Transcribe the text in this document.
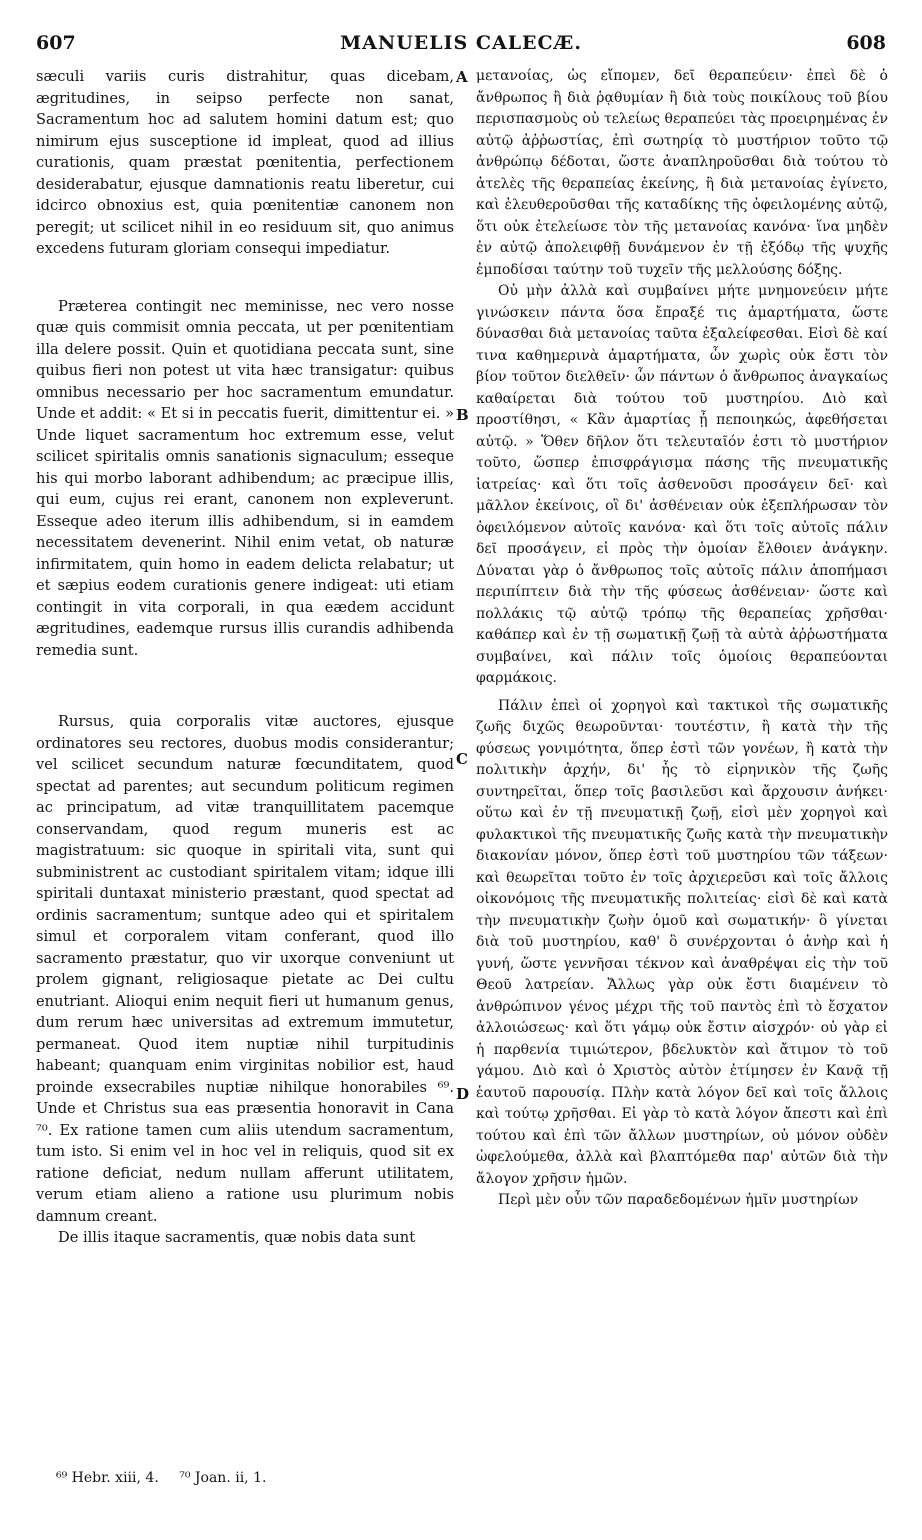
607	MANUELIS CALECÆ.	608

sæculi variis curis distrahitur, quas dicebam, ægritudines, in seipso perfecte non sanat, Sacramentum hoc ad salutem homini datum est; quo nimirum ejus susceptione id impleat, quod ad illius curationis, quam præstat pœnitentia, perfectionem desiderabatur, ejusque damnationis reatu liberetur, cui idcirco obnoxius est, quia pœnitentiæ canonem non peregit; ut scilicet nihil in eo residuum sit, quo animus excedens futuram gloriam consequi impediatur.

Præterea contingit nec meminisse, nec vero nosse quæ quis commisit omnia peccata, ut per pœnitentiam illa delere possit. Quin et quotidiana peccata sunt, sine quibus fieri non potest ut vita hæc transigatur: quibus omnibus necessario per hoc sacramentum emundatur. Unde et addit: « Et si in peccatis fuerit, dimittentur ei. » Unde liquet sacramentum hoc extremum esse, velut scilicet spiritalis omnis sanationis signaculum; esseque his qui morbo laborant adhibendum; ac præcipue illis, qui eum, cujus rei erant, canonem non expleverunt. Esseque adeo iterum illis adhibendum, si in eamdem necessitatem devenerint. Nihil enim vetat, ob naturæ infirmitatem, quin homo in eadem delicta relabatur; ut et sæpius eodem curationis genere indigeat: uti etiam contingit in vita corporali, in qua eædem accidunt ægritudines, eademque rursus illis curandis adhibenda remedia sunt.

Rursus, quia corporalis vitæ auctores, ejusque ordinatores seu rectores, duobus modis considerantur; vel scilicet secundum naturæ fœcunditatem, quod spectat ad parentes; aut secundum politicum regimen ac principatum, ad vitæ tranquillitatem pacemque conservandam, quod regum muneris est ac magistratuum: sic quoque in spiritali vita, sunt qui subministrent ac custodiant spiritalem vitam; idque illi spiritali duntaxat ministerio præstant, quod spectat ad ordinis sacramentum; suntque adeo qui et spiritalem simul et corporalem vitam conferant, quod illo sacramento præstatur, quo vir uxorque conveniunt ut prolem gignant, religiosaque pietate ac Dei cultu enutriant. Alioqui enim nequit fieri ut humanum genus, dum rerum hæc universitas ad extremum immutetur, permaneat. Quod item nuptiæ nihil turpitudinis habeant; quanquam enim virginitas nobilior est, haud proinde exsecrabiles nuptiæ nihilque honorabiles ⁶⁹. Unde et Christus sua eas præsentia honoravit in Cana ⁷⁰. Ex ratione tamen cum aliis utendum sacramentum, tum isto. Si enim vel in hoc vel in reliquis, quod sit ex ratione deficiat, nedum nullam afferunt utilitatem, verum etiam alieno a ratione usu plurimum nobis damnum creant.

De illis itaque sacramentis, quæ nobis data sunt

μετανοίας, ὡς εἴπομεν, δεῖ θεραπεύειν· ἐπεὶ δὲ ὁ ἄνθρωπος ἢ διὰ ῥᾳθυμίαν ἢ διὰ τοὺς ποικίλους τοῦ βίου περισπασμοὺς οὐ τελείως θεραπεύει τὰς προειρημένας ἐν αὐτῷ ἀῤῥωστίας, ἐπὶ σωτηρίᾳ τὸ μυστήριον τοῦτο τῷ ἀνθρώπῳ δέδοται, ὥστε ἀναπληροῦσθαι διὰ τούτου τὸ ἀτελὲς τῆς θεραπείας ἐκείνης, ἣ διὰ μετανοίας ἐγίνετο, καὶ ἐλευθεροῦσθαι τῆς καταδίκης τῆς ὀφειλομένης αὐτῷ, ὅτι οὐκ ἐτελείωσε τὸν τῆς μετανοίας κανόνα· ἵνα μηδὲν ἐν αὐτῷ ἀπολειφθῇ δυνάμενον ἐν τῇ ἐξόδῳ τῆς ψυχῆς ἐμποδίσαι ταύτην τοῦ τυχεῖν τῆς μελλούσης δόξης.

Οὐ μὴν ἀλλὰ καὶ συμβαίνει μήτε μνημονεύειν μήτε γινώσκειν πάντα ὅσα ἔπραξέ τις ἁμαρτήματα, ὥστε δύνασθαι διὰ μετανοίας ταῦτα ἐξαλείφεσθαι. Εἰσὶ δὲ καί τινα καθημερινὰ ἁμαρτήματα, ὧν χωρὶς οὐκ ἔστι τὸν βίον τοῦτον διελθεῖν· ὧν πάντων ὁ ἄνθρωπος ἀναγκαίως καθαίρεται διὰ τούτου τοῦ μυστηρίου. Διὸ καὶ προστίθησι, « Κἂν ἁμαρτίας ᾖ πεποιηκώς, ἀφεθήσεται αὐτῷ. » Ὅθεν δῆλον ὅτι τελευταῖόν ἐστι τὸ μυστήριον τοῦτο, ὥσπερ ἐπισφράγισμα πάσης τῆς πνευματικῆς ἰατρείας· καὶ ὅτι τοῖς ἀσθενοῦσι προσάγειν δεῖ· καὶ μᾶλλον ἐκείνοις, οἳ δι' ἀσθένειαν οὐκ ἐξεπλήρωσαν τὸν ὀφειλόμενον αὐτοῖς κανόνα· καὶ ὅτι τοῖς αὐτοῖς πάλιν δεῖ προσάγειν, εἰ πρὸς τὴν ὁμοίαν ἔλθοιεν ἀνάγκην. Δύναται γὰρ ὁ ἄνθρωπος τοῖς αὐτοῖς πάλιν ἀποπήμασι περιπίπτειν διὰ τὴν τῆς φύσεως ἀσθένειαν· ὥστε καὶ πολλάκις τῷ αὐτῷ τρόπῳ τῆς θεραπείας χρῆσθαι· καθάπερ καὶ ἐν τῇ σωματικῇ ζωῇ τὰ αὐτὰ ἀῤῥωστήματα συμβαίνει, καὶ πάλιν τοῖς ὁμοίοις θεραπεύονται φαρμάκοις.

Πάλιν ἐπεὶ οἱ χορηγοὶ καὶ τακτικοὶ τῆς σωματικῆς ζωῆς διχῶς θεωροῦνται· τουτέστιν, ἢ κατὰ τὴν τῆς φύσεως γονιμότητα, ὅπερ ἐστὶ τῶν γονέων, ἢ κατὰ τὴν πολιτικὴν ἀρχήν, δι' ἧς τὸ εἰρηνικὸν τῆς ζωῆς συντηρεῖται, ὅπερ τοῖς βασιλεῦσι καὶ ἄρχουσιν ἀνήκει· οὕτω καὶ ἐν τῇ πνευματικῇ ζωῇ, εἰσὶ μὲν χορηγοὶ καὶ φυλακτικοὶ τῆς πνευματικῆς ζωῆς κατὰ τὴν πνευματικὴν διακονίαν μόνον, ὅπερ ἐστὶ τοῦ μυστηρίου τῶν τάξεων· καὶ θεωρεῖται τοῦτο ἐν τοῖς ἀρχιερεῦσι καὶ τοῖς ἄλλοις οἰκονόμοις τῆς πνευματικῆς πολιτείας· εἰσὶ δὲ καὶ κατὰ τὴν πνευματικὴν ζωὴν ὁμοῦ καὶ σωματικήν· ὃ γίνεται διὰ τοῦ μυστηρίου, καθ' ὃ συνέρχονται ὁ ἀνὴρ καὶ ἡ γυνή, ὥστε γεννῆσαι τέκνον καὶ ἀναθρέψαι εἰς τὴν τοῦ Θεοῦ λατρείαν. Ἄλλως γὰρ οὐκ ἔστι διαμένειν τὸ ἀνθρώπινον γένος μέχρι τῆς τοῦ παντὸς ἐπὶ τὸ ἔσχατον ἀλλοιώσεως· καὶ ὅτι γάμῳ οὐκ ἔστιν αἰσχρόν· οὐ γὰρ εἰ ἡ παρθενία τιμιώτερον, βδελυκτὸν καὶ ἄτιμον τὸ τοῦ γάμου. Διὸ καὶ ὁ Χριστὸς αὐτὸν ἐτίμησεν ἐν Κανᾷ τῇ ἑαυτοῦ παρουσίᾳ. Πλὴν κατὰ λόγον δεῖ καὶ τοῖς ἄλλοις καὶ τούτῳ χρῆσθαι. Εἰ γὰρ τὸ κατὰ λόγον ἄπεστι καὶ ἐπὶ τούτου καὶ ἐπὶ τῶν ἄλλων μυστηρίων, οὐ μόνον οὐδὲν ὠφελούμεθα, ἀλλὰ καὶ βλαπτόμεθα παρ' αὐτῶν διὰ τὴν ἄλογον χρῆσιν ἡμῶν.

Περὶ μὲν οὖν τῶν παραδεδομένων ἡμῖν μυστηρίων

A
B
C
D
⁶⁹ Hebr. xiii, 4. ⁷⁰ Joan. ii, 1.
